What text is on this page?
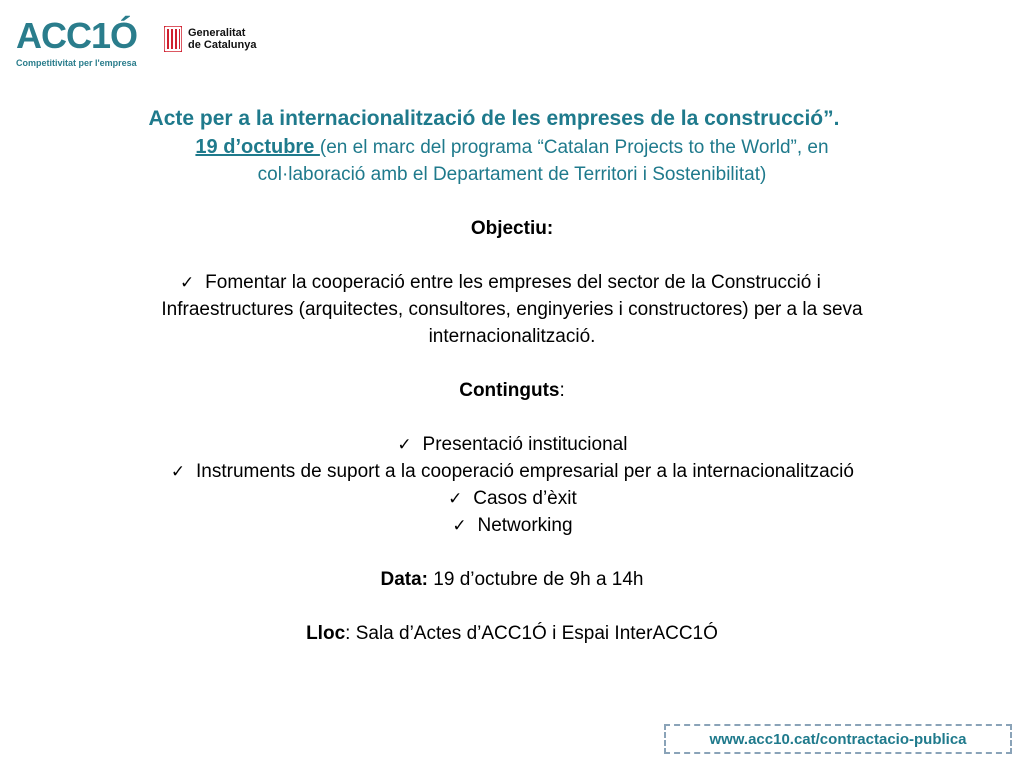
ACC1Ó
Competitivitat per l'empresa
Generalitat
de Catalunya

Acte per a la internacionalització de les empreses de la construcció”.

19 d’octubre (en el marc del programa “Catalan Projects to the World”, en

col·laboració amb el Departament de Territori i Sostenibilitat)

Objectiu:

✓ Fomentar la cooperació entre les empreses del sector de la Construcció i

Infraestructures (arquitectes, consultores, enginyeries i constructores) per a la seva

internacionalització.

Continguts:

✓ Presentació institucional

✓ Instruments de suport a la cooperació empresarial per a la internacionalització

✓ Casos d’èxit

✓ Networking

Data: 19 d’octubre de 9h a 14h

Lloc: Sala d’Actes d’ACC1Ó i Espai InterACC1Ó

www.acc10.cat/contractacio-publica
